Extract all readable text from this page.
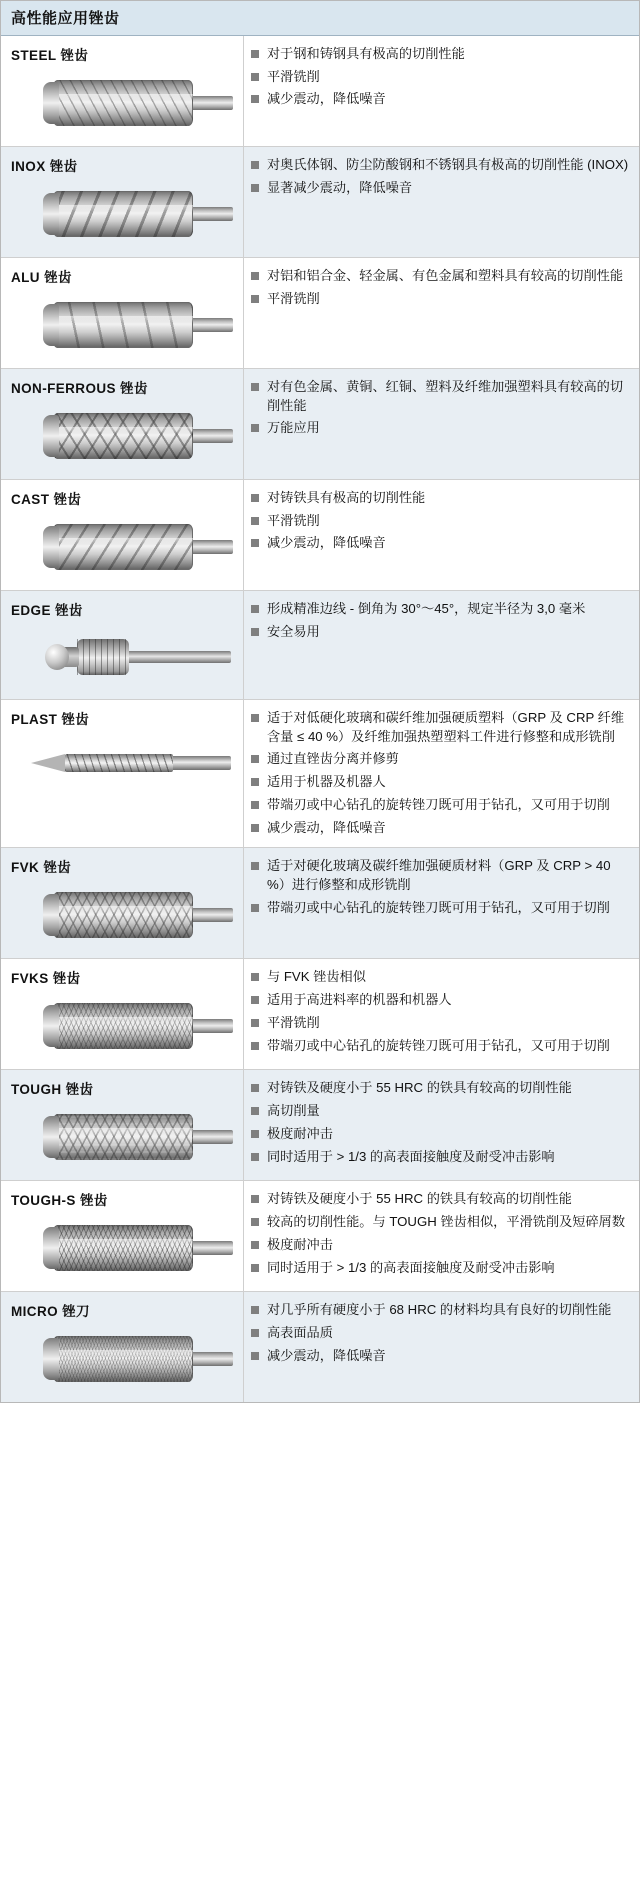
高性能应用锉齿
STEEL 锉齿	对于钢和铸钢具有极高的切削性能
平滑铣削
减少震动，降低噪音
INOX 锉齿	对奥氏体钢、防尘防酸钢和不锈钢具有极高的切削性能 (INOX)
显著减少震动，降低噪音
ALU 锉齿	对铝和铝合金、轻金属、有色金属和塑料具有较高的切削性能
平滑铣削
NON-FERROUS 锉齿	对有色金属、黄铜、红铜、塑料及纤维加强塑料具有较高的切削性能
万能应用
CAST 锉齿	对铸铁具有极高的切削性能
平滑铣削
减少震动，降低噪音
EDGE 锉齿	形成精准边线 - 倒角为 30°～45°，规定半径为 3,0 毫米
安全易用
PLAST 锉齿	适于对低硬化玻璃和碳纤维加强硬质塑料（GRP 及 CRP 纤维含量 ≤ 40 %）及纤维加强热塑塑料工件进行修整和成形铣削
通过直锉齿分离并修剪
适用于机器及机器人
带端刃或中心钻孔的旋转锉刀既可用于钻孔，又可用于切削
减少震动，降低噪音
FVK 锉齿	适于对硬化玻璃及碳纤维加强硬质材料（GRP 及 CRP > 40 %）进行修整和成形铣削
带端刃或中心钻孔的旋转锉刀既可用于钻孔，又可用于切削
FVKS 锉齿	与 FVK 锉齿相似
适用于高进料率的机器和机器人
平滑铣削
带端刃或中心钻孔的旋转锉刀既可用于钻孔，又可用于切削
TOUGH 锉齿	对铸铁及硬度小于 55 HRC 的铁具有较高的切削性能
高切削量
极度耐冲击
同时适用于 > 1/3 的高表面接触度及耐受冲击影响
TOUGH-S 锉齿	对铸铁及硬度小于 55 HRC 的铁具有较高的切削性能
较高的切削性能。与 TOUGH 锉齿相似，平滑铣削及短碎屑数
极度耐冲击
同时适用于 > 1/3 的高表面接触度及耐受冲击影响
MICRO 锉刀	对几乎所有硬度小于 68 HRC 的材料均具有良好的切削性能
高表面品质
减少震动，降低噪音
